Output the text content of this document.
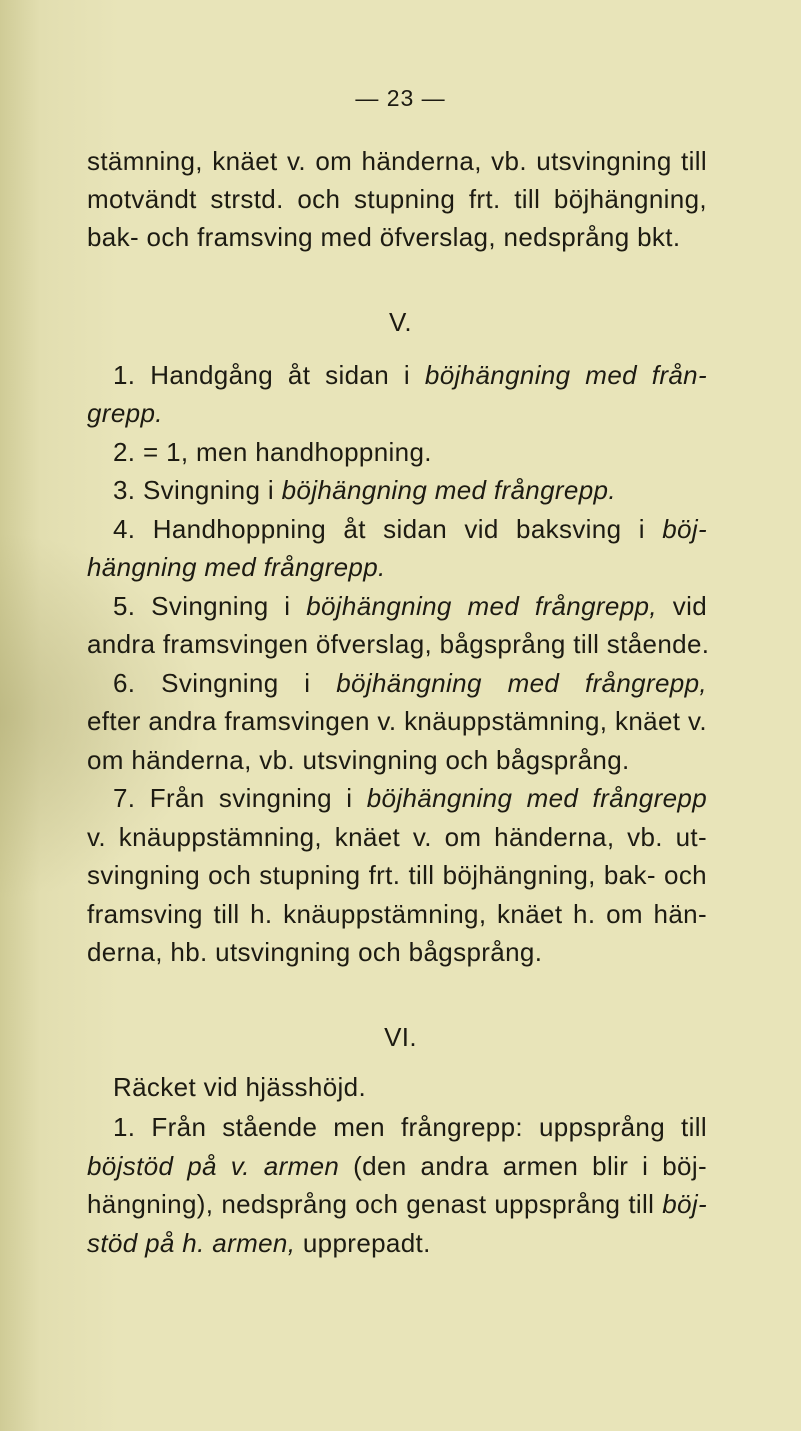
— 23 —
stämning, knäet v. om händerna, vb. utsvingning till
motvändt strstd. och stupning frt. till böjhängning,
bak- och framsving med öfverslag, nedsprång bkt.
V.
1. Handgång åt sidan i böjhängning med från-
grepp.
2. = 1, men handhoppning.
3. Svingning i böjhängning med frångrepp.
4. Handhoppning åt sidan vid baksving i böj-
hängning med frångrepp.
5. Svingning i böjhängning med frångrepp, vid
andra framsvingen öfverslag, bågsprång till stående.
6. Svingning i böjhängning med frångrepp,
efter andra framsvingen v. knäuppstämning, knäet v.
om händerna, vb. utsvingning och bågsprång.
7. Från svingning i böjhängning med frångrepp
v. knäuppstämning, knäet v. om händerna, vb. ut-
svingning och stupning frt. till böjhängning, bak- och
framsving till h. knäuppstämning, knäet h. om hän-
derna, hb. utsvingning och bågsprång.
VI.
Räcket vid hjässhöjd.
1. Från stående men frångrepp: uppsprång till
böjstöd på v. armen (den andra armen blir i böj-
hängning), nedsprång och genast uppsprång till böj-
stöd på h. armen, upprepadt.
